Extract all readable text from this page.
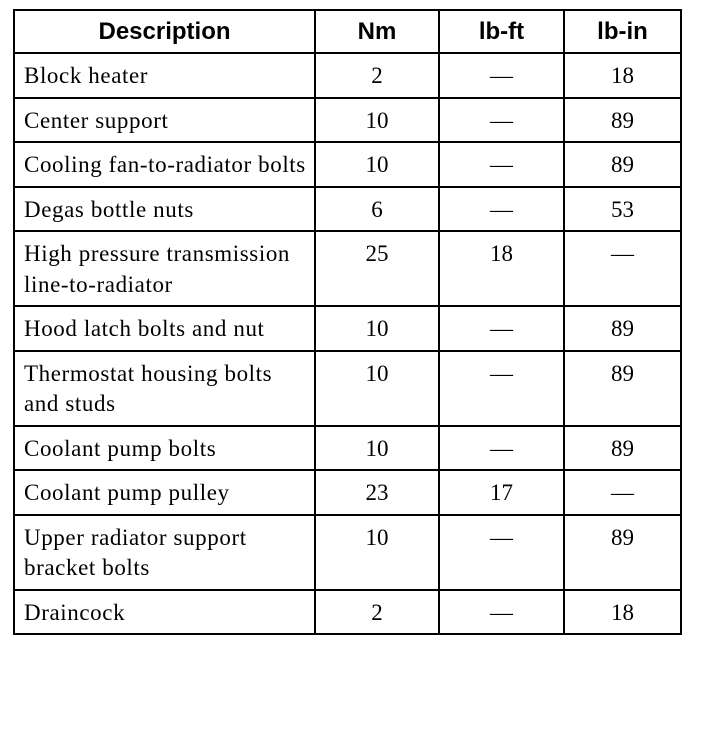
Description	Nm	lb-ft	lb-in
Block heater	2	—	18
Center support	10	—	89
Cooling fan-to-radiator bolts	10	—	89
Degas bottle nuts	6	—	53
High pressure transmission line-to-radiator	25	18	—
Hood latch bolts and nut	10	—	89
Thermostat housing bolts and studs	10	—	89
Coolant pump bolts	10	—	89
Coolant pump pulley	23	17	—
Upper radiator support bracket bolts	10	—	89
Draincock	2	—	18
